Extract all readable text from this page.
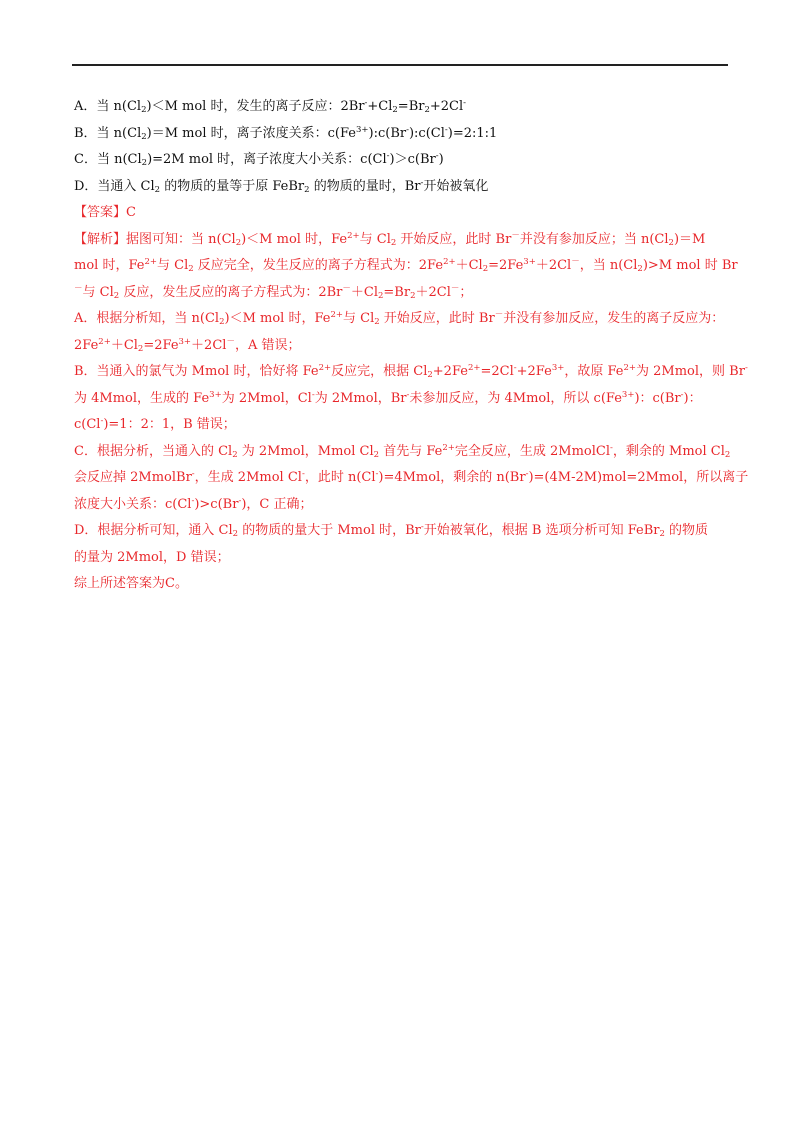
A．当 $n(Cl_2)<M$ mol 时，发生的离子反应：$2Br^-+Cl_2=Br_2+2Cl^-$

B．当 $n(Cl_2)=M$ mol 时，离子浓度关系：$c(Fe^{3+}):c(Br^-):c(Cl^-)=2:1:1$

C．当 $n(Cl_2)=2M$ mol 时，离子浓度大小关系：c(Cl-)＞c(Br-)

D．当通入 $Cl_2$ 的物质的量等于原 FeBr$_2$ 的物质的量时，Br-开始被氧化

【答案】C

【解析】据图可知：当 $n(Cl_2)<M$ mol 时，$Fe^{2+}$与 $Cl_2$ 开始反应，此时 Br－并没有参加反应；当 $n(Cl_2)=M$

mol 时，$Fe^{2+}$与 $Cl_2$ 反应完全，发生反应的离子方程式为：$2Fe^{2+}+Cl_2=2Fe^{3+}+2Cl^-$，当 $n(Cl_2)>M$ mol 时 Br

－与 $Cl_2$ 反应，发生反应的离子方程式为：$2Br^-+Cl_2=Br_2+2Cl^-$；

A．根据分析知，当 $n(Cl_2)<M$ mol 时，$Fe^{2+}$与 $Cl_2$ 开始反应，此时 Br－并没有参加反应，发生的离子反应为：

$2Fe^{2+}+Cl_2=2Fe^{3+}+2Cl^-$，A 错误；

B．当通入的氯气为 Mmol 时，恰好将 $Fe^{2+}$反应完，根据 $Cl_2+2Fe^{2+}=2Cl^-+2Fe^{3+}$，故原 $Fe^{2+}$为 2Mmol，则 Br-

为 4Mmol，生成的 $Fe^{3+}$为 2Mmol，Cl-为 2Mmol，Br-未参加反应，为 4Mmol，所以 $c(Fe^{3+})$：c(Br-)：

c(Cl-)=1：2：1，B 错误；

C．根据分析，当通入的 $Cl_2$ 为 2Mmol，Mmol $Cl_2$ 首先与 $Fe^{2+}$完全反应，生成 2MmolCl-，剩余的 Mmol $Cl_2$

会反应掉 2MmolBr-，生成 2Mmol Cl-，此时 n(Cl-)=4Mmol，剩余的 n(Br-)=(4M-2M)mol=2Mmol，所以离子

浓度大小关系：c(Cl-)>c(Br-)，C 正确；

D．根据分析可知，通入 $Cl_2$ 的物质的量大于 Mmol 时，Br-开始被氧化，根据 B 选项分析可知 FeBr$_2$ 的物质

的量为 2Mmol，D 错误；

综上所述答案为C。
